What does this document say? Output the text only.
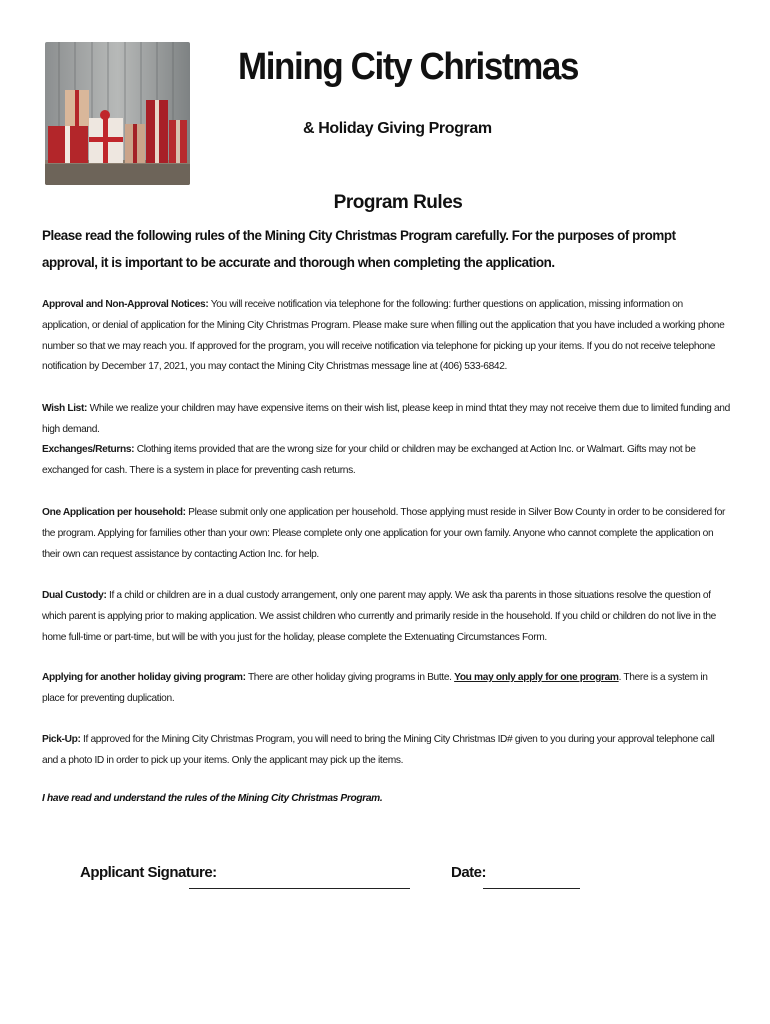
Mining City Christmas
& Holiday Giving Program
Program Rules
Please read the following rules of the Mining City Christmas Program carefully. For the purposes of prompt approval, it is important to be accurate and thorough when completing the application.
Approval and Non-Approval Notices: You will receive notification via telephone for the following: further questions on application, missing information on application, or denial of application for the Mining City Christmas Program. Please make sure when filling out the application that you have included a working phone number so that we may reach you. If approved for the program, you will receive notification via telephone for picking up your items. If you do not receive telephone notification by December 17, 2021, you may contact the Mining City Christmas message line at (406) 533-6842.
Wish List: While we realize your children may have expensive items on their wish list, please keep in mind thtat they may not receive them due to limited funding and high demand.
Exchanges/Returns: Clothing items provided that are the wrong size for your child or children may be exchanged at Action Inc. or Walmart. Gifts may not be exchanged for cash. There is a system in place for preventing cash returns.
One Application per household: Please submit only one application per household. Those applying must reside in Silver Bow County in order to be considered for the program. Applying for families other than your own: Please complete only one application for your own family. Anyone who cannot complete the application on their own can request assistance by contacting Action Inc. for help.
Dual Custody: If a child or children are in a dual custody arrangement, only one parent may apply. We ask tha parents in those situations resolve the question of which parent is applying prior to making application. We assist children who currently and primarily reside in the household. If you child or children do not live in the home full-time or part-time, but will be with you just for the holiday, please complete the Extenuating Circumstances Form.
Applying for another holiday giving program: There are other holiday giving programs in Butte. You may only apply for one program. There is a system in place for preventing duplication.
Pick-Up: If approved for the Mining City Christmas Program, you will need to bring the Mining City Christmas ID# given to you during your approval telephone call and a photo ID in order to pick up your items. Only the applicant may pick up the items.
I have read and understand the rules of the Mining City Christmas Program.
Applicant Signature:	Date:
